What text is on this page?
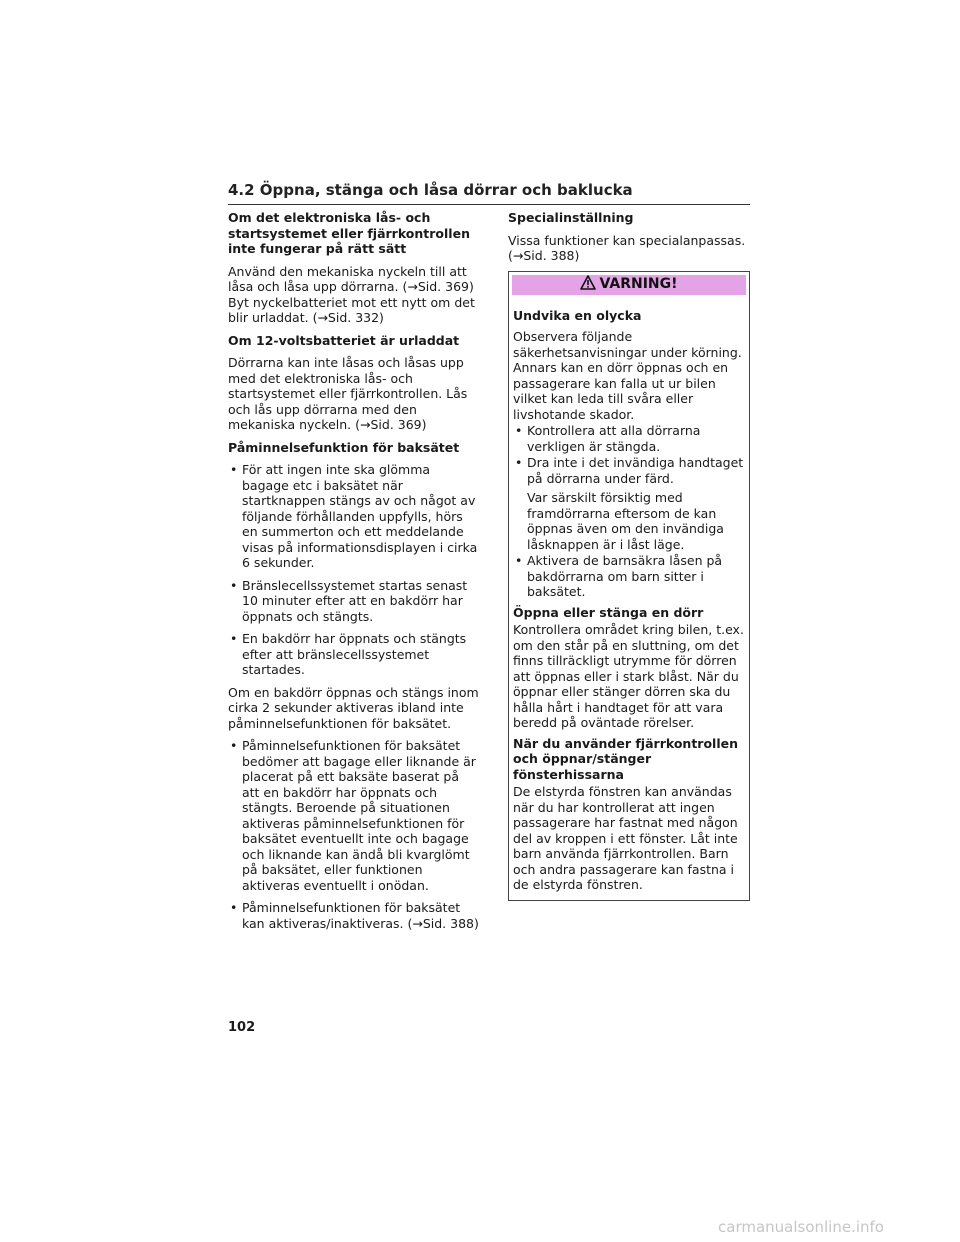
4.2 Öppna, stänga och låsa dörrar och baklucka
Om det elektroniska lås- och startsystemet eller fjärrkontrollen inte fungerar på rätt sätt
Använd den mekaniska nyckeln till att låsa och låsa upp dörrarna. (→Sid. 369) Byt nyckelbatteriet mot ett nytt om det blir urladdat. (→Sid. 332)
Om 12-voltsbatteriet är urladdat
Dörrarna kan inte låsas och låsas upp med det elektroniska lås- och startsystemet eller fjärrkontrollen. Lås och lås upp dörrarna med den mekaniska nyckeln. (→Sid. 369)
Påminnelsefunktion för baksätet
• För att ingen inte ska glömma bagage etc i baksätet när startknappen stängs av och något av följande förhållanden uppfylls, hörs en summerton och ett meddelande visas på informationsdisplayen i cirka 6 sekunder.
• Bränslecellssystemet startas senast 10 minuter efter att en bakdörr har öppnats och stängts.
• En bakdörr har öppnats och stängts efter att bränslecellssystemet startades.
Om en bakdörr öppnas och stängs inom cirka 2 sekunder aktiveras ibland inte påminnelsefunktionen för baksätet.
• Påminnelsefunktionen för baksätet bedömer att bagage eller liknande är placerat på ett baksäte baserat på att en bakdörr har öppnats och stängts. Beroende på situationen aktiveras påminnelsefunktionen för baksätet eventuellt inte och bagage och liknande kan ändå bli kvarglömt på baksätet, eller funktionen aktiveras eventuellt i onödan.
• Påminnelsefunktionen för baksätet kan aktiveras/inaktiveras. (→Sid. 388)
Specialinställning
Vissa funktioner kan specialanpassas. (→Sid. 388)
VARNING!
Undvika en olycka
Observera följande säkerhetsanvisningar under körning. Annars kan en dörr öppnas och en passagerare kan falla ut ur bilen vilket kan leda till svåra eller livshotande skador.
• Kontrollera att alla dörrarna verkligen är stängda.
• Dra inte i det invändiga handtaget på dörrarna under färd.
Var särskilt försiktig med framdörrarna eftersom de kan öppnas även om den invändiga låsknappen är i låst läge.
• Aktivera de barnsäkra låsen på bakdörrarna om barn sitter i baksätet.
Öppna eller stänga en dörr
Kontrollera området kring bilen, t.ex. om den står på en sluttning, om det finns tillräckligt utrymme för dörren att öppnas eller i stark blåst. När du öppnar eller stänger dörren ska du hålla hårt i handtaget för att vara beredd på oväntade rörelser.
När du använder fjärrkontrollen och öppnar/stänger fönsterhissarna
De elstyrda fönstren kan användas när du har kontrollerat att ingen passagerare har fastnat med någon del av kroppen i ett fönster. Låt inte barn använda fjärrkontrollen. Barn och andra passagerare kan fastna i de elstyrda fönstren.
102
carmanualsonline.info
